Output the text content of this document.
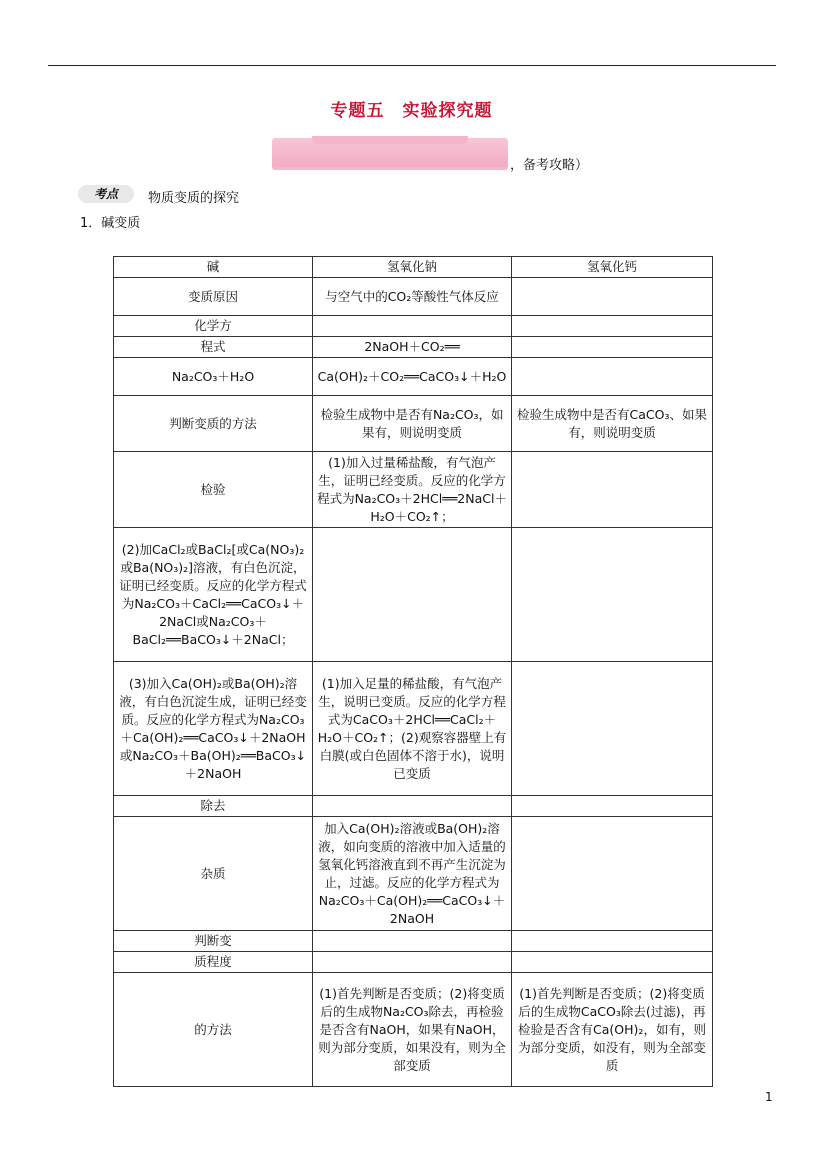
专题五　实验探究题
，备考攻略）
考点	物质变质的探究
1．碱变质
碱	氢氧化钠	氢氧化钙
变质原因	与空气中的CO₂等酸性气体反应	
化学方		
程式	2NaOH＋CO₂══	
Na₂CO₃＋H₂O	Ca(OH)₂＋CO₂══CaCO₃↓＋H₂O	
判断变质的方法	检验生成物中是否有Na₂CO₃，如果有，则说明变质	检验生成物中是否有CaCO₃、如果有，则说明变质
检验	(1)加入过量稀盐酸，有气泡产生，证明已经变质。反应的化学方程式为Na₂CO₃＋2HCl══2NaCl＋H₂O＋CO₂↑；	
(2)加CaCl₂或BaCl₂[或Ca(NO₃)₂或Ba(NO₃)₂]溶液，有白色沉淀，证明已经变质。反应的化学方程式为Na₂CO₃＋CaCl₂══CaCO₃↓＋2NaCl或Na₂CO₃＋BaCl₂══BaCO₃↓＋2NaCl；		
(3)加入Ca(OH)₂或Ba(OH)₂溶液，有白色沉淀生成，证明已经变质。反应的化学方程式为Na₂CO₃＋Ca(OH)₂══CaCO₃↓＋2NaOH或Na₂CO₃＋Ba(OH)₂══BaCO₃↓＋2NaOH	(1)加入足量的稀盐酸，有气泡产生，说明已变质。反应的化学方程式为CaCO₃＋2HCl══CaCl₂＋H₂O＋CO₂↑；(2)观察容器壁上有白膜(或白色固体不溶于水)，说明已变质	
除去		
杂质	加入Ca(OH)₂溶液或Ba(OH)₂溶液，如向变质的溶液中加入适量的氢氧化钙溶液直到不再产生沉淀为止，过滤。反应的化学方程式为Na₂CO₃＋Ca(OH)₂══CaCO₃↓＋2NaOH	
判断变		
质程度		
的方法	(1)首先判断是否变质；(2)将变质后的生成物Na₂CO₃除去，再检验是否含有NaOH，如果有NaOH，则为部分变质，如果没有，则为全部变质	(1)首先判断是否变质；(2)将变质后的生成物CaCO₃除去(过滤)，再检验是否含有Ca(OH)₂，如有，则为部分变质，如没有，则为全部变质
1
